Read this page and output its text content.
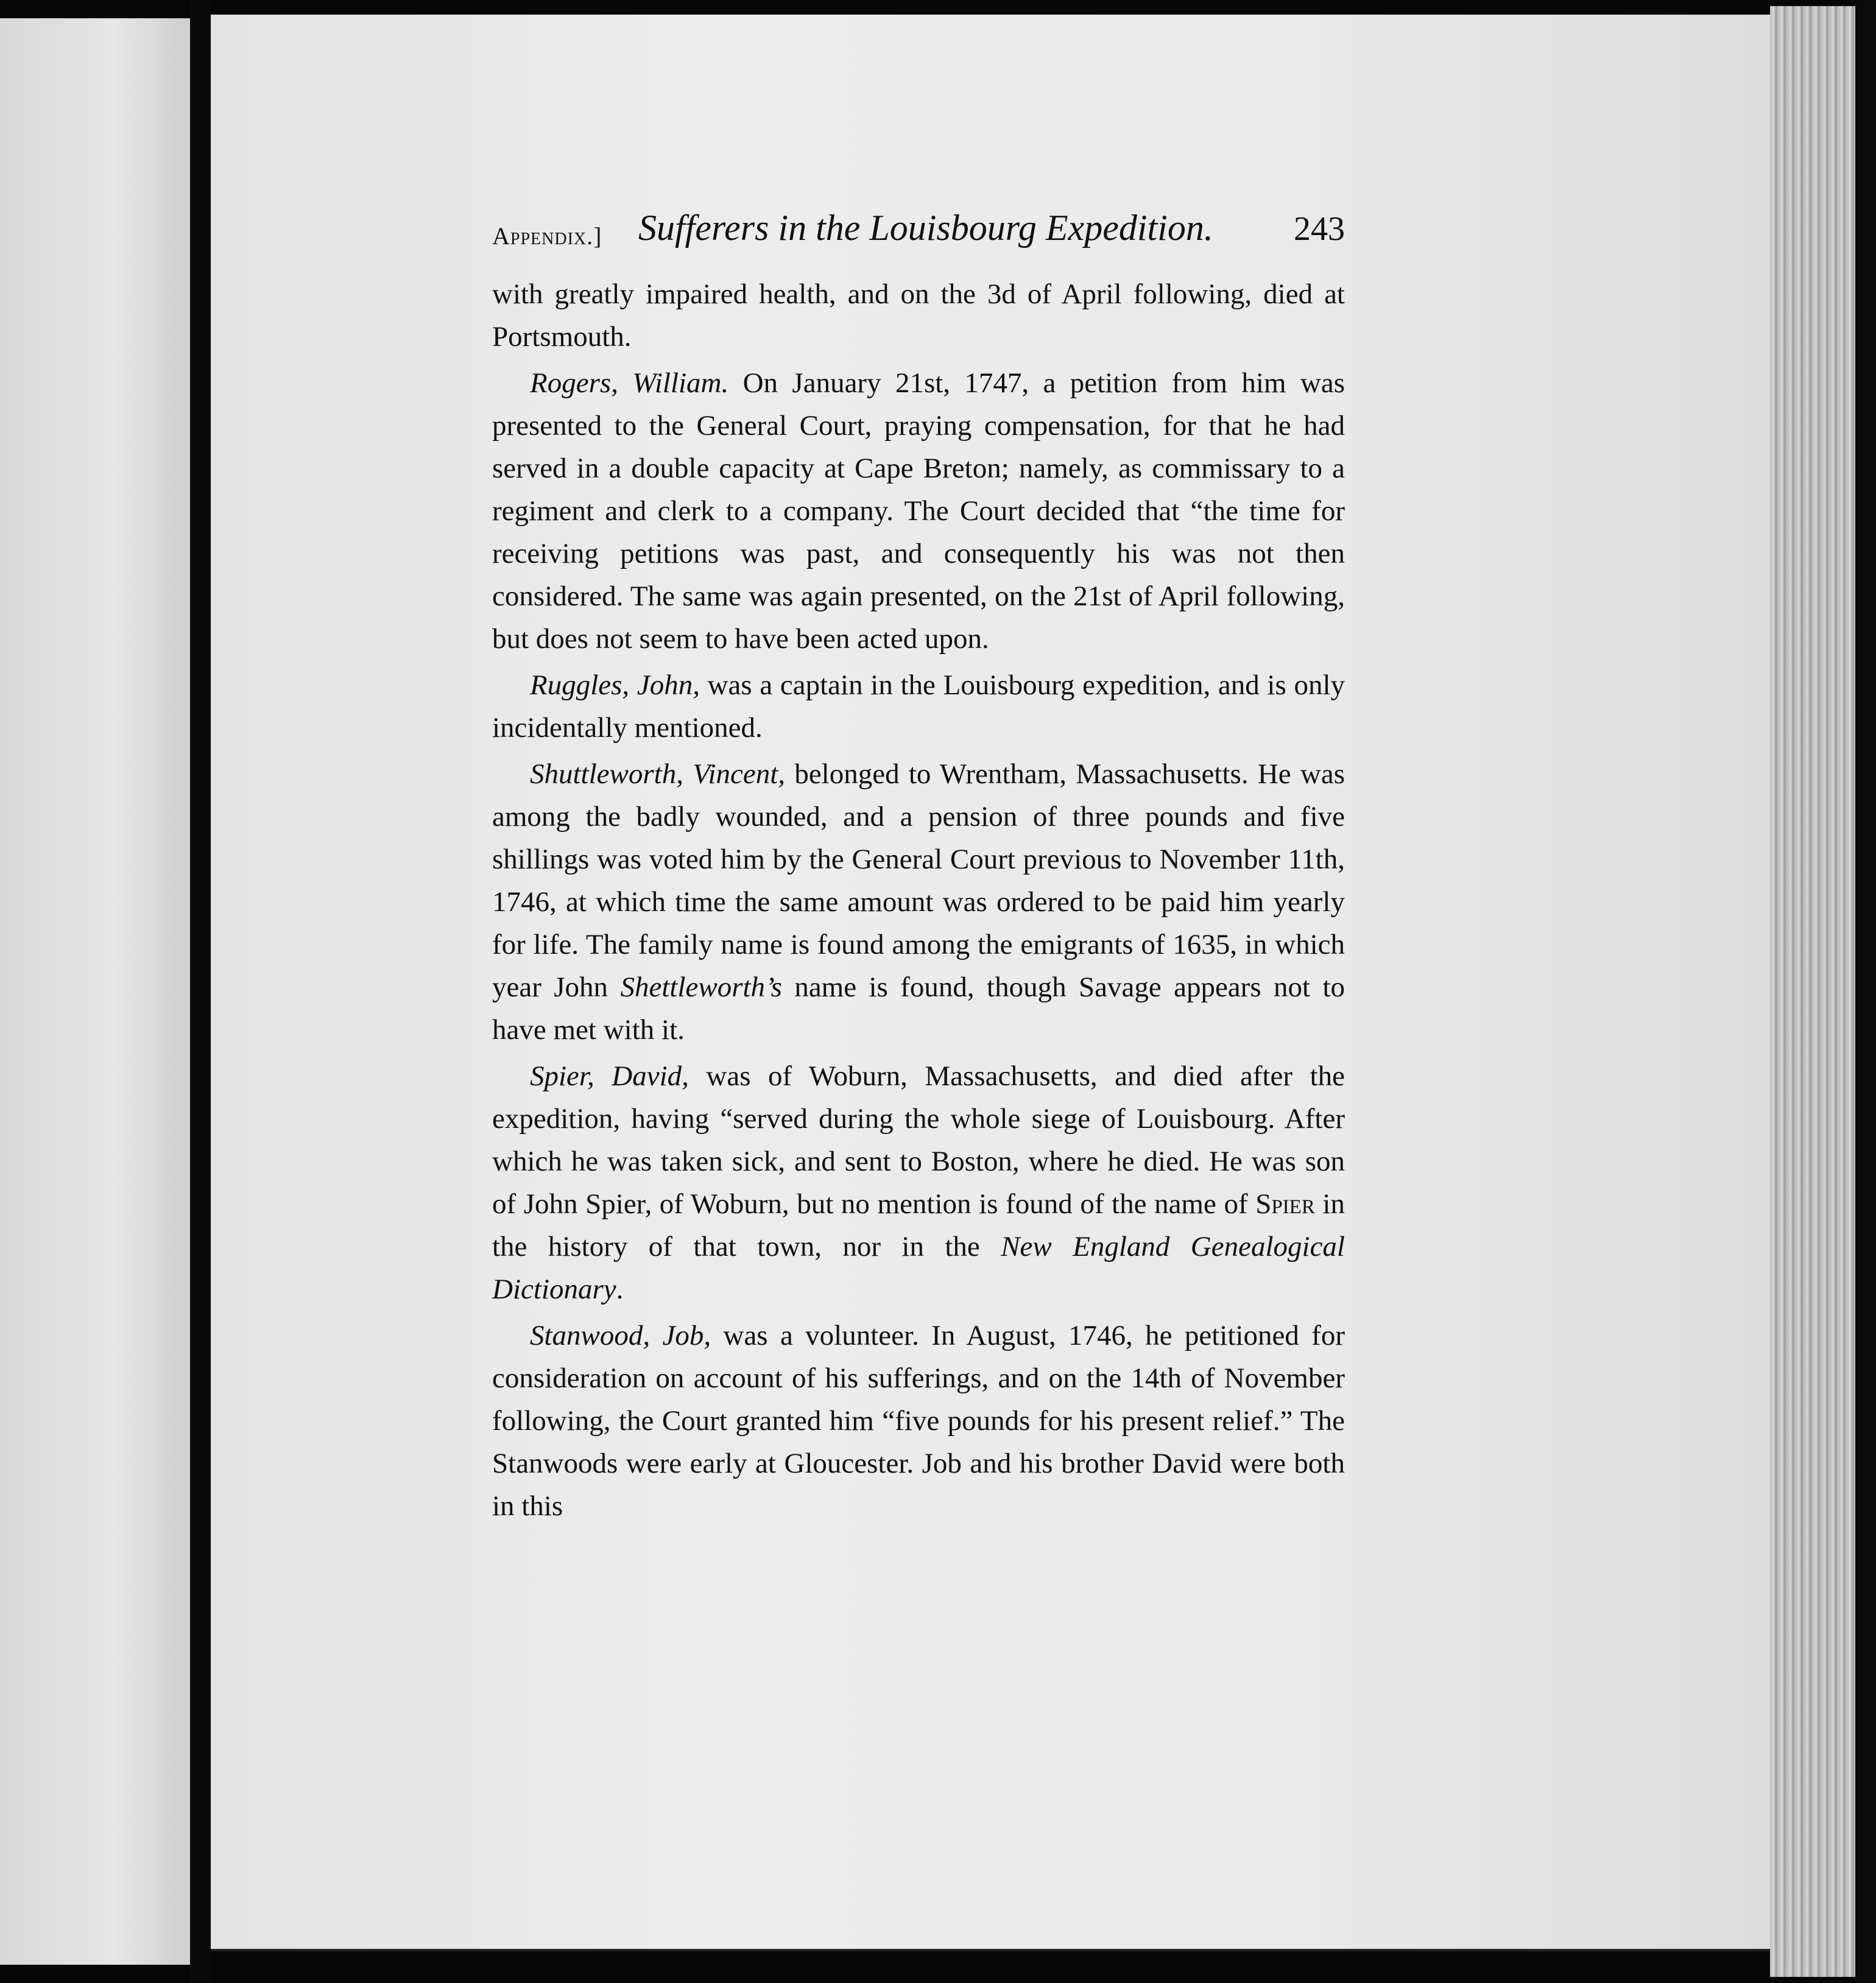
Appendix.] Sufferers in the Louisbourg Expedition. 243

with greatly impaired health, and on the 3d of April following, died at Portsmouth.

Rogers, William. On January 21st, 1747, a petition from him was presented to the General Court, praying compensation, for that he had served in a double capacity at Cape Breton; namely, as commissary to a regiment and clerk to a company. The Court decided that “the time for receiving petitions was past, and consequently his was not then considered. The same was again presented, on the 21st of April following, but does not seem to have been acted upon.

Ruggles, John, was a captain in the Louisbourg expedition, and is only incidentally mentioned.

Shuttleworth, Vincent, belonged to Wrentham, Massachusetts. He was among the badly wounded, and a pension of three pounds and five shillings was voted him by the General Court previous to November 11th, 1746, at which time the same amount was ordered to be paid him yearly for life. The family name is found among the emigrants of 1635, in which year John Shettleworth’s name is found, though Savage appears not to have met with it.

Spier, David, was of Woburn, Massachusetts, and died after the expedition, having “served during the whole siege of Louisbourg. After which he was taken sick, and sent to Boston, where he died. He was son of John Spier, of Woburn, but no mention is found of the name of Spier in the history of that town, nor in the New England Genealogical Dictionary.

Stanwood, Job, was a volunteer. In August, 1746, he petitioned for consideration on account of his sufferings, and on the 14th of November following, the Court granted him “five pounds for his present relief.” The Stanwoods were early at Gloucester. Job and his brother David were both in this
